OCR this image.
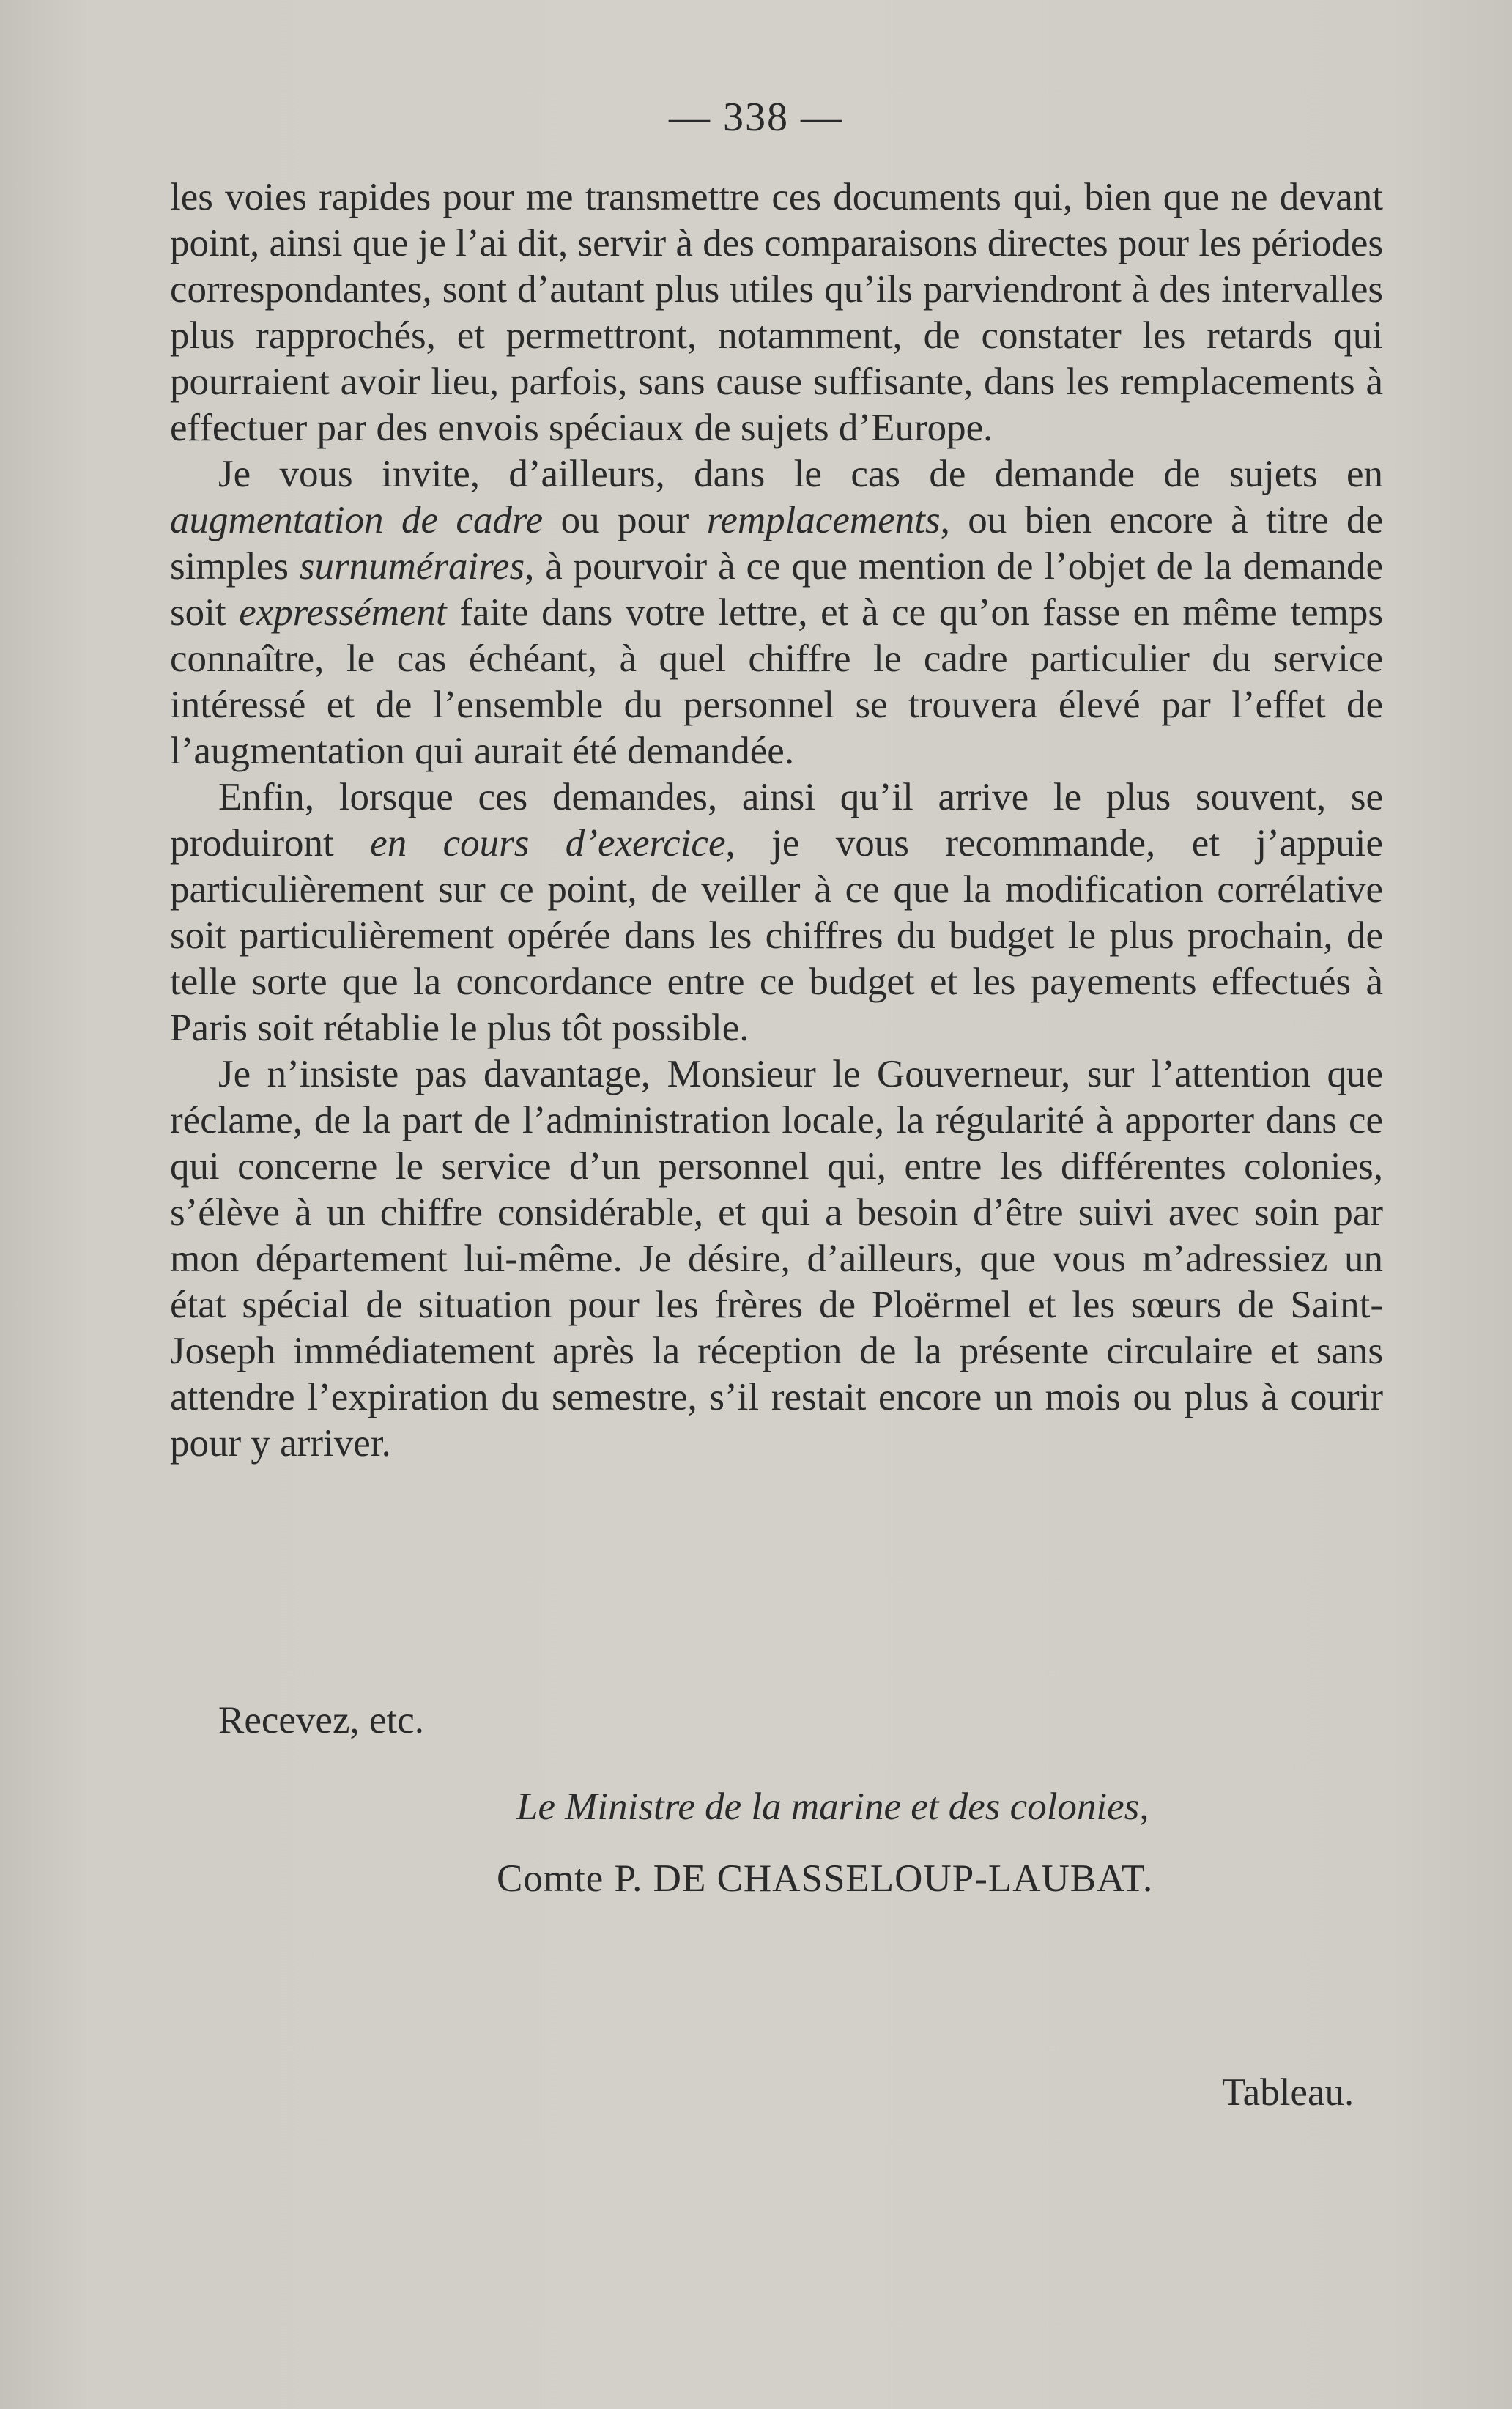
— 338 —

les voies rapides pour me transmettre ces documents qui, bien que ne devant point, ainsi que je l’ai dit, servir à des comparaisons directes pour les périodes correspondantes, sont d’autant plus utiles qu’ils parviendront à des intervalles plus rapprochés, et permettront, notamment, de constater les retards qui pourraient avoir lieu, parfois, sans cause suffisante, dans les remplacements à effectuer par des envois spéciaux de sujets d’Europe.

Je vous invite, d’ailleurs, dans le cas de demande de sujets en augmentation de cadre ou pour remplacements, ou bien encore à titre de simples surnuméraires, à pourvoir à ce que mention de l’objet de la demande soit expressément faite dans votre lettre, et à ce qu’on fasse en même temps connaître, le cas échéant, à quel chiffre le cadre particulier du service intéressé et de l’ensemble du personnel se trouvera élevé par l’effet de l’augmentation qui aurait été demandée.

Enfin, lorsque ces demandes, ainsi qu’il arrive le plus souvent, se produiront en cours d’exercice, je vous recommande, et j’appuie particulièrement sur ce point, de veiller à ce que la modification corrélative soit particulièrement opérée dans les chiffres du budget le plus prochain, de telle sorte que la concordance entre ce budget et les payements effectués à Paris soit rétablie le plus tôt possible.

Je n’insiste pas davantage, Monsieur le Gouverneur, sur l’attention que réclame, de la part de l’administration locale, la régularité à apporter dans ce qui concerne le service d’un personnel qui, entre les différentes colonies, s’élève à un chiffre considérable, et qui a besoin d’être suivi avec soin par mon département lui-même. Je désire, d’ailleurs, que vous m’adressiez un état spécial de situation pour les frères de Ploërmel et les sœurs de Saint-Joseph immédiatement après la réception de la présente circulaire et sans attendre l’expiration du semestre, s’il restait encore un mois ou plus à courir pour y arriver.

Recevez, etc.
Le Ministre de la marine et des colonies,
Comte P. DE CHASSELOUP-LAUBAT.
Tableau.
